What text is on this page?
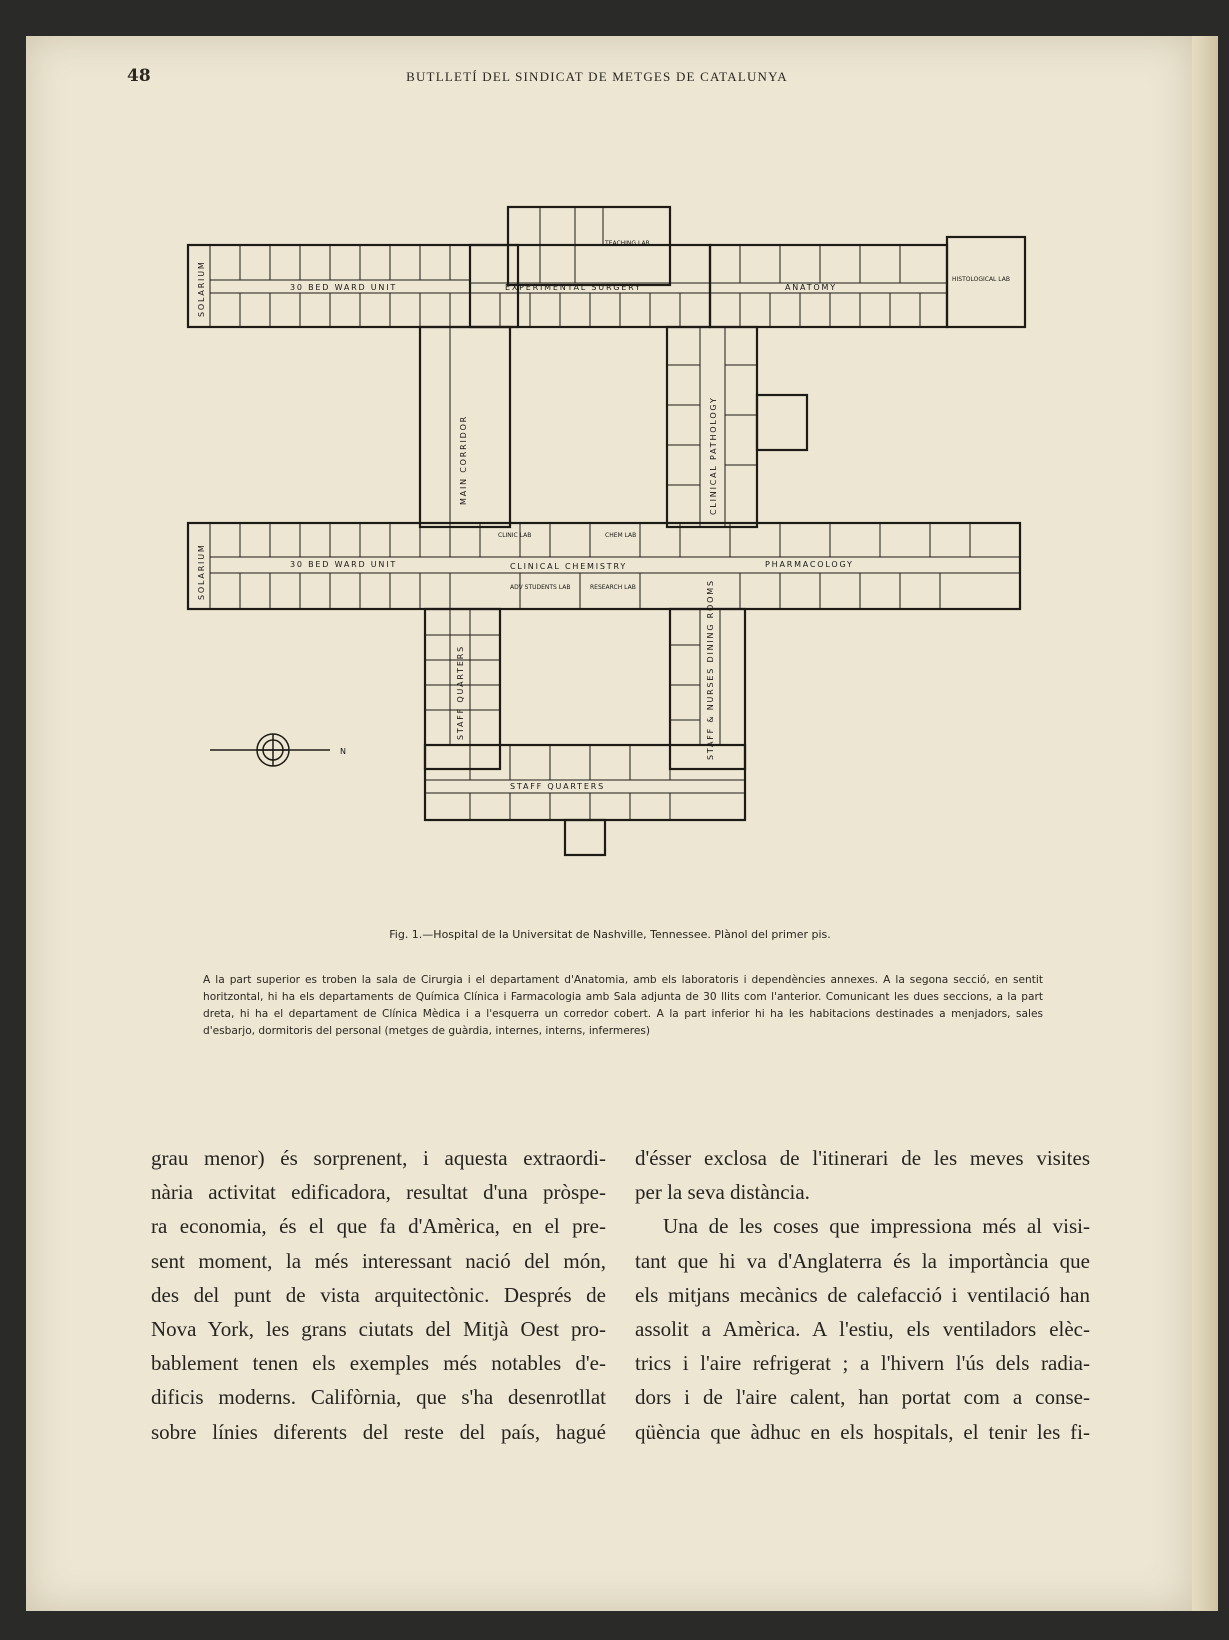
48	BUTLLETÍ DEL SINDICAT DE METGES DE CATALUNYA
SOLARIUM	30 BED WARD UNIT	EXPERIMENTAL SURGERY
TEACHING LAB
ANATOMY
HISTOLOGICAL LAB
MAIN CORRIDOR	CLINICAL PATHOLOGY
SOLARIUM	30 BED WARD UNIT
CLINIC LAB	CHEM LAB
CLINICAL CHEMISTRY
ADV STUDENTS LAB	RESEARCH LAB
PHARMACOLOGY
STAFF QUARTERS	STAFF & NURSES DINING ROOMS
STAFF QUARTERS
N
Fig. 1.—Hospital de la Universitat de Nashville, Tennessee. Plànol del primer pis.
A la part superior es troben la sala de Cirurgia i el departament d'Anatomia, amb els laboratoris i dependències annexes. A la segona secció, en sentit horitzontal, hi ha els departaments de Química Clínica i Farmacologia amb Sala adjunta de 30 llits com l'anterior. Comunicant les dues seccions, a la part dreta, hi ha el departament de Clínica Mèdica i a l'esquerra un corredor cobert. A la part inferior hi ha les habitacions destinades a menjadors, sales d'esbarjo, dormitoris del personal (metges de guàrdia, internes, interns, infermeres)
grau menor) és sorprenent, i aquesta extraordi-
nària activitat edificadora, resultat d'una pròspe-
ra economia, és el que fa d'Amèrica, en el pre-
sent moment, la més interessant nació del món,
des del punt de vista arquitectònic. Després de
Nova York, les grans ciutats del Mitjà Oest pro-
bablement tenen els exemples més notables d'e-
dificis moderns. Califòrnia, que s'ha desenrotllat
sobre línies diferents del reste del país, hagué
d'ésser exclosa de l'itinerari de les meves visites
per la seva distància.
Una de les coses que impressiona més al visi-
tant que hi va d'Anglaterra és la importància que
els mitjans mecànics de calefacció i ventilació han
assolit a Amèrica. A l'estiu, els ventiladors elèc-
trics i l'aire refrigerat ; a l'hivern l'ús dels radia-
dors i de l'aire calent, han portat com a conse-
qüència que àdhuc en els hospitals, el tenir les fi-
